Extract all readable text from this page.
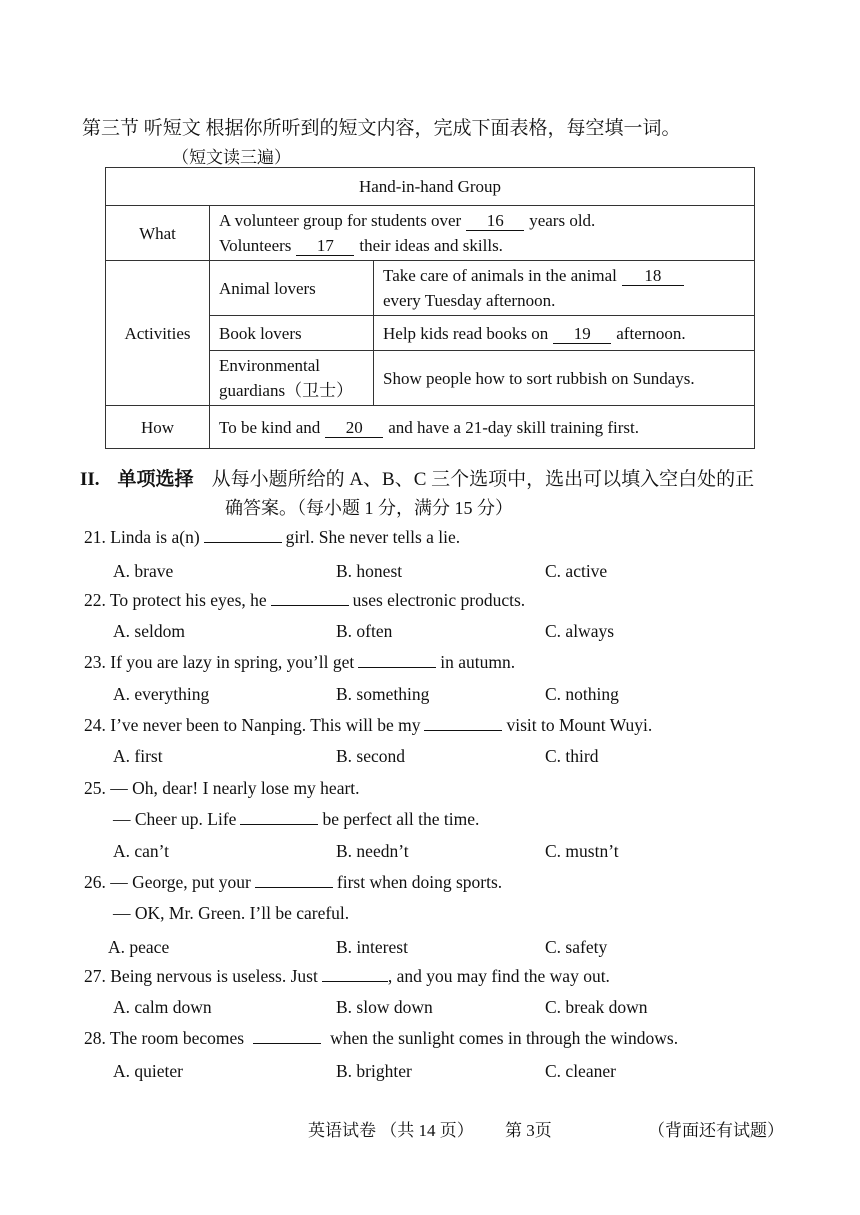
第三节 听短文 根据你所听到的短文内容，完成下面表格，每空填一词。
（短文读三遍）
Hand-in-hand Group		
What	A volunteer group for students over 16 years old.
Volunteers 17 their ideas and skills.	

Activities	Animal lovers	Take care of animals in the animal 18
every Tuesday afternoon.

	Book lovers	Help kids read books on 19 afternoon.

	Environmental
guardians（卫士）	Show people how to sort rubbish on Sundays.
How	To be kind and 20 and have a 21-day skill training first.	
II. 单项选择 从每小题所给的 A、B、C 三个选项中，选出可以填入空白处的正
确答案。（每小题 1 分，满分 15 分）
21. Linda is a(n)	girl. She never tells a lie.
A. brave	B. honest	C. active
22. To protect his eyes, he	uses electronic products.
A. seldom	B. often	C. always
23. If you are lazy in spring, you’ll get	in autumn.
A. everything	B. something	C. nothing
24. I’ve never been to Nanping. This will be my	visit to Mount Wuyi.
A. first	B. second	C. third
25. — Oh, dear! I nearly lose my heart.
— Cheer up. Life	be perfect all the time.
A. can’t	B. needn’t	C. mustn’t
26. — George, put your	first when doing sports.
— OK, Mr. Green. I’ll be careful.
A. peace	B. interest	C. safety
27. Being nervous is useless. Just	, and you may find the way out.
A. calm down	B. slow down	C. break down
28. The room becomes	when the sunlight comes in through the windows.
A. quieter	B. brighter	C. cleaner
英语试卷 （共 14 页） 第 3页	（背面还有试题）
